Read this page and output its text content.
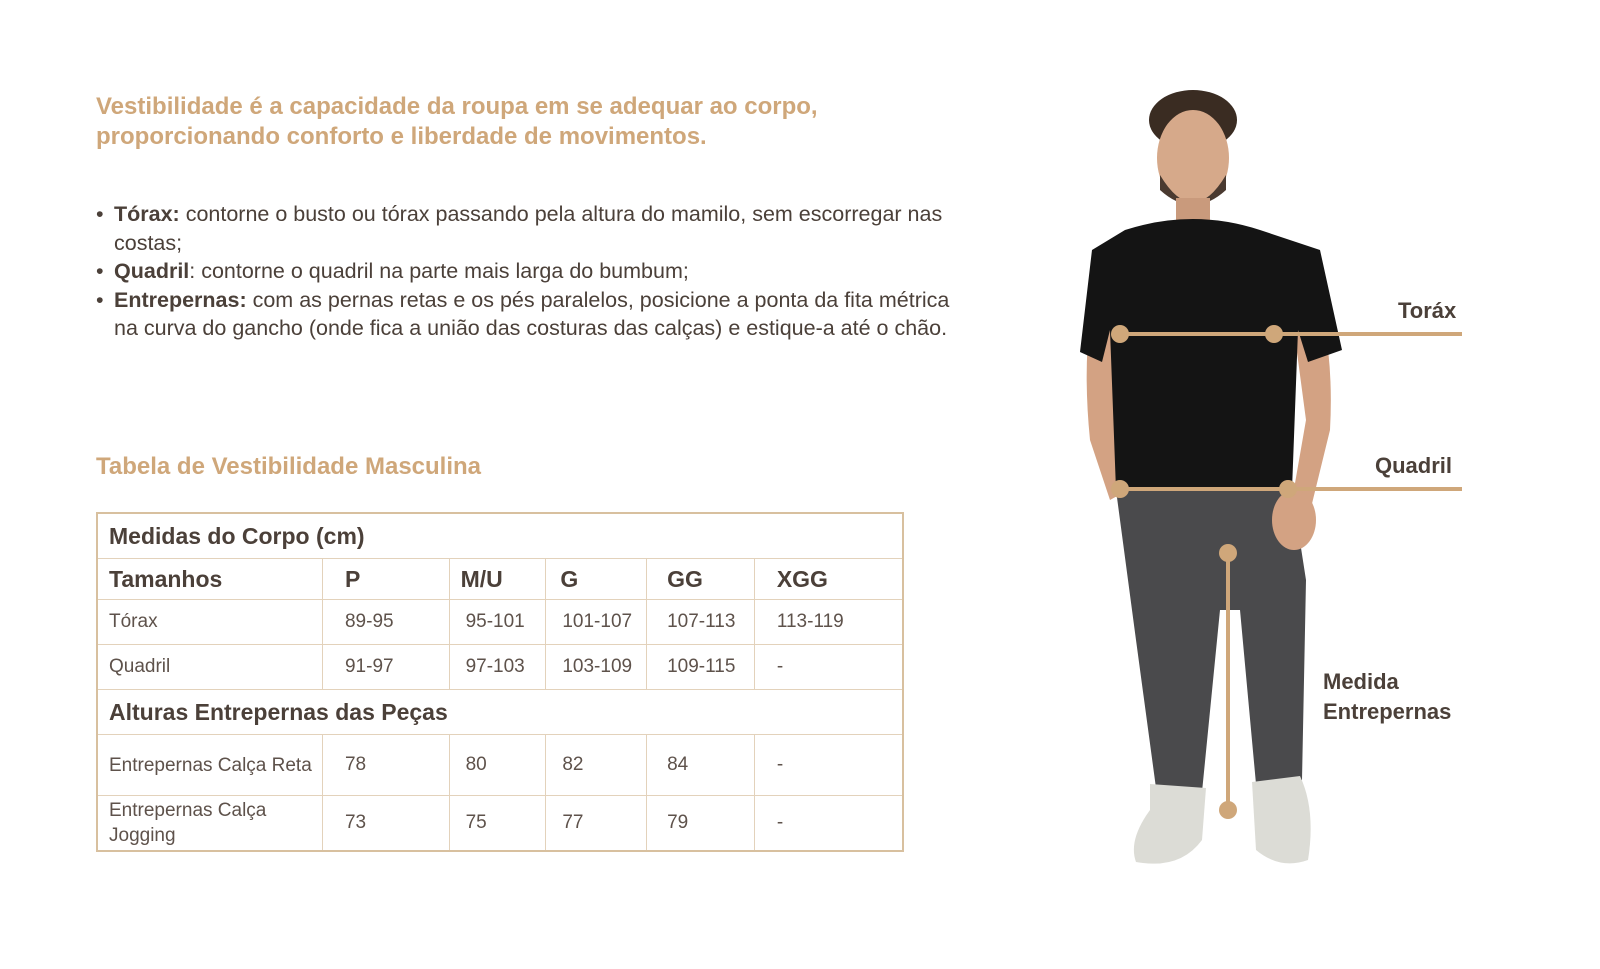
Vestibilidade é a capacidade da roupa em se adequar ao corpo, proporcionando conforto e liberdade de movimentos.

• Tórax: contorne o busto ou tórax passando pela altura do mamilo, sem escorregar nas costas;
• Quadril: contorne o quadril na parte mais larga do bumbum;
• Entrepernas: com as pernas retas e os pés paralelos, posicione a ponta da fita métrica na curva do gancho (onde fica a união das costuras das calças) e estique-a até o chão.
Tabela de Vestibilidade Masculina
Medidas do Corpo (cm)					
Tamanhos	P	M/U	G	GG	XGG
Tórax	89-95	95-101	101-107	107-113	113-119
Quadril	91-97	97-103	103-109	109-115	-
Alturas Entrepernas das Peças					
Entrepernas Calça Reta	78	80	82	84	-
Entrepernas Calça Jogging	73	75	77	79	-

Toráx

Quadril

Medida

Entrepernas
